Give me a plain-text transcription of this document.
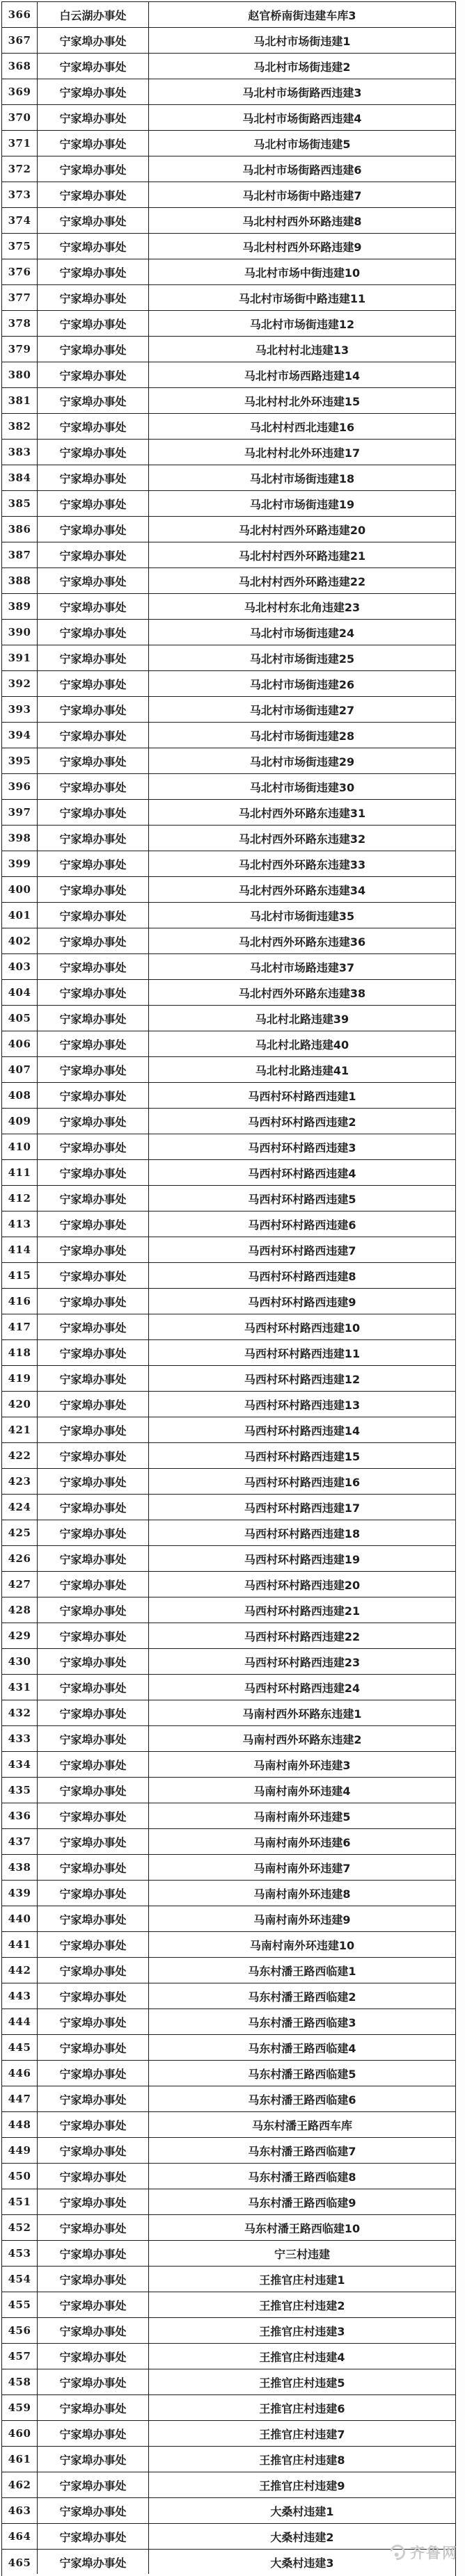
366	白云湖办事处	赵官桥南街违建车库3
367	宁家埠办事处	马北村市场街违建1
368	宁家埠办事处	马北村市场街违建2
369	宁家埠办事处	马北村市场街路西违建3
370	宁家埠办事处	马北村市场街路西违建4
371	宁家埠办事处	马北村市场街违建5
372	宁家埠办事处	马北村市场街路西违建6
373	宁家埠办事处	马北村市场街中路违建7
374	宁家埠办事处	马北村村西外环路违建8
375	宁家埠办事处	马北村村西外环路违建9
376	宁家埠办事处	马北村市场中街违建10
377	宁家埠办事处	马北村市场街中路违建11
378	宁家埠办事处	马北村市场街违建12
379	宁家埠办事处	马北村村北违建13
380	宁家埠办事处	马北村市场西路违建14
381	宁家埠办事处	马北村村北外环违建15
382	宁家埠办事处	马北村村西北违建16
383	宁家埠办事处	马北村村北外环违建17
384	宁家埠办事处	马北村市场街违建18
385	宁家埠办事处	马北村市场街违建19
386	宁家埠办事处	马北村村西外环路违建20
387	宁家埠办事处	马北村村西外环路违建21
388	宁家埠办事处	马北村村西外环路违建22
389	宁家埠办事处	马北村村东北角违建23
390	宁家埠办事处	马北村市场街违建24
391	宁家埠办事处	马北村市场街违建25
392	宁家埠办事处	马北村市场街违建26
393	宁家埠办事处	马北村市场街违建27
394	宁家埠办事处	马北村市场街违建28
395	宁家埠办事处	马北村市场街违建29
396	宁家埠办事处	马北村市场街违建30
397	宁家埠办事处	马北村西外环路东违建31
398	宁家埠办事处	马北村西外环路东违建32
399	宁家埠办事处	马北村西外环路东违建33
400	宁家埠办事处	马北村西外环路东违建34
401	宁家埠办事处	马北村市场街违建35
402	宁家埠办事处	马北村西外环路东违建36
403	宁家埠办事处	马北村市场路违建37
404	宁家埠办事处	马北村西外环路东违建38
405	宁家埠办事处	马北村北路违建39
406	宁家埠办事处	马北村北路违建40
407	宁家埠办事处	马北村北路违建41
408	宁家埠办事处	马西村环村路西违建1
409	宁家埠办事处	马西村环村路西违建2
410	宁家埠办事处	马西村环村路西违建3
411	宁家埠办事处	马西村环村路西违建4
412	宁家埠办事处	马西村环村路西违建5
413	宁家埠办事处	马西村环村路西违建6
414	宁家埠办事处	马西村环村路西违建7
415	宁家埠办事处	马西村环村路西违建8
416	宁家埠办事处	马西村环村路西违建9
417	宁家埠办事处	马西村环村路西违建10
418	宁家埠办事处	马西村环村路西违建11
419	宁家埠办事处	马西村环村路西违建12
420	宁家埠办事处	马西村环村路西违建13
421	宁家埠办事处	马西村环村路西违建14
422	宁家埠办事处	马西村环村路西违建15
423	宁家埠办事处	马西村环村路西违建16
424	宁家埠办事处	马西村环村路西违建17
425	宁家埠办事处	马西村环村路西违建18
426	宁家埠办事处	马西村环村路西违建19
427	宁家埠办事处	马西村环村路西违建20
428	宁家埠办事处	马西村环村路西违建21
429	宁家埠办事处	马西村环村路西违建22
430	宁家埠办事处	马西村环村路西违建23
431	宁家埠办事处	马西村环村路西违建24
432	宁家埠办事处	马南村西外环路东违建1
433	宁家埠办事处	马南村西外环路东违建2
434	宁家埠办事处	马南村南外环违建3
435	宁家埠办事处	马南村南外环违建4
436	宁家埠办事处	马南村南外环违建5
437	宁家埠办事处	马南村南外环违建6
438	宁家埠办事处	马南村南外环违建7
439	宁家埠办事处	马南村南外环违建8
440	宁家埠办事处	马南村南外环违建9
441	宁家埠办事处	马南村南外环违建10
442	宁家埠办事处	马东村潘王路西临建1
443	宁家埠办事处	马东村潘王路西临建2
444	宁家埠办事处	马东村潘王路西临建3
445	宁家埠办事处	马东村潘王路西临建4
446	宁家埠办事处	马东村潘王路西临建5
447	宁家埠办事处	马东村潘王路西临建6
448	宁家埠办事处	马东村潘王路西车库
449	宁家埠办事处	马东村潘王路西临建7
450	宁家埠办事处	马东村潘王路西临建8
451	宁家埠办事处	马东村潘王路西临建9
452	宁家埠办事处	马东村潘王路西临建10
453	宁家埠办事处	宁三村违建
454	宁家埠办事处	王推官庄村违建1
455	宁家埠办事处	王推官庄村违建2
456	宁家埠办事处	王推官庄村违建3
457	宁家埠办事处	王推官庄村违建4
458	宁家埠办事处	王推官庄村违建5
459	宁家埠办事处	王推官庄村违建6
460	宁家埠办事处	王推官庄村违建7
461	宁家埠办事处	王推官庄村违建8
462	宁家埠办事处	王推官庄村违建9
463	宁家埠办事处	大桑村违建1
464	宁家埠办事处	大桑村违建2
465	宁家埠办事处	大桑村违建3
齐鲁网
